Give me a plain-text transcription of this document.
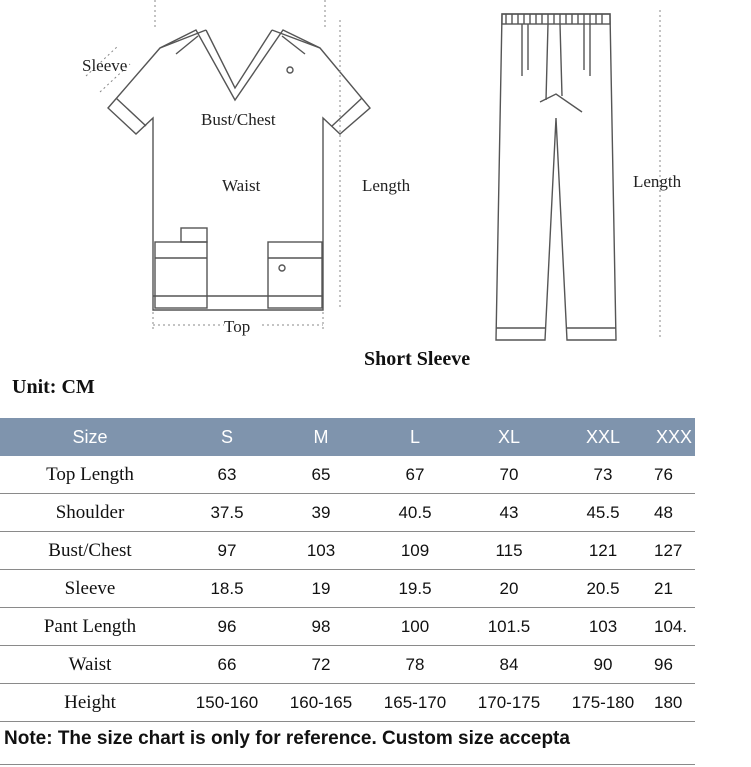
Sleeve
Bust/Chest
Waist	Length
Top
Length
Short Sleeve
Unit: CM
Size	S	M	L	XL	XXL	XXX
Top Length	63	65	67	70	73	76
Shoulder	37.5	39	40.5	43	45.5	48
Bust/Chest	97	103	109	115	121	127
Sleeve	18.5	19	19.5	20	20.5	21
Pant Length	96	98	100	101.5	103	104.
Waist	66	72	78	84	90	96
Height	150-160	160-165	165-170	170-175	175-180	180
Note: The size chart is only for reference. Custom size accepta
